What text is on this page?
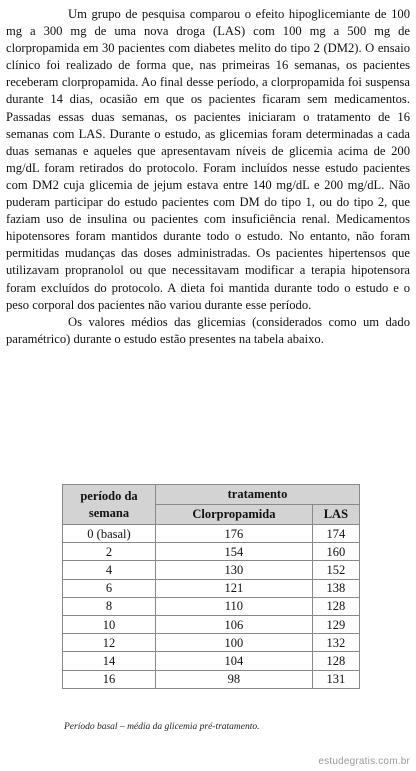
Um grupo de pesquisa comparou o efeito hipoglicemiante de 100 mg a 300 mg de uma nova droga (LAS) com 100 mg a 500 mg de clorpropamida em 30 pacientes com diabetes melito do tipo 2 (DM2). O ensaio clínico foi realizado de forma que, nas primeiras 16 semanas, os pacientes receberam clorpropamida. Ao final desse período, a clorpropamida foi suspensa durante 14 dias, ocasião em que os pacientes ficaram sem medicamentos. Passadas essas duas semanas, os pacientes iniciaram o tratamento de 16 semanas com LAS. Durante o estudo, as glicemias foram determinadas a cada duas semanas e aqueles que apresentavam níveis de glicemia acima de 200 mg/dL foram retirados do protocolo. Foram incluídos nesse estudo pacientes com DM2 cuja glicemia de jejum estava entre 140 mg/dL e 200 mg/dL. Não puderam participar do estudo pacientes com DM do tipo 1, ou do tipo 2, que faziam uso de insulina ou pacientes com insuficiência renal. Medicamentos hipotensores foram mantidos durante todo o estudo. No entanto, não foram permitidas mudanças das doses administradas. Os pacientes hipertensos que utilizavam propranolol ou que necessitavam modificar a terapia hipotensora foram excluídos do protocolo. A dieta foi mantida durante todo o estudo e o peso corporal dos pacientes não variou durante esse período.

Os valores médios das glicemias (considerados como um dado paramétrico) durante o estudo estão presentes na tabela abaixo.

período da semana	tratamento	
	Clorpropamida	LAS
0 (basal)	176	174
2	154	160
4	130	152
6	121	138
8	110	128
10	106	129
12	100	132
14	104	128
16	98	131
Período basal – média da glicemia pré-tratamento.
estudegratis.com.br
